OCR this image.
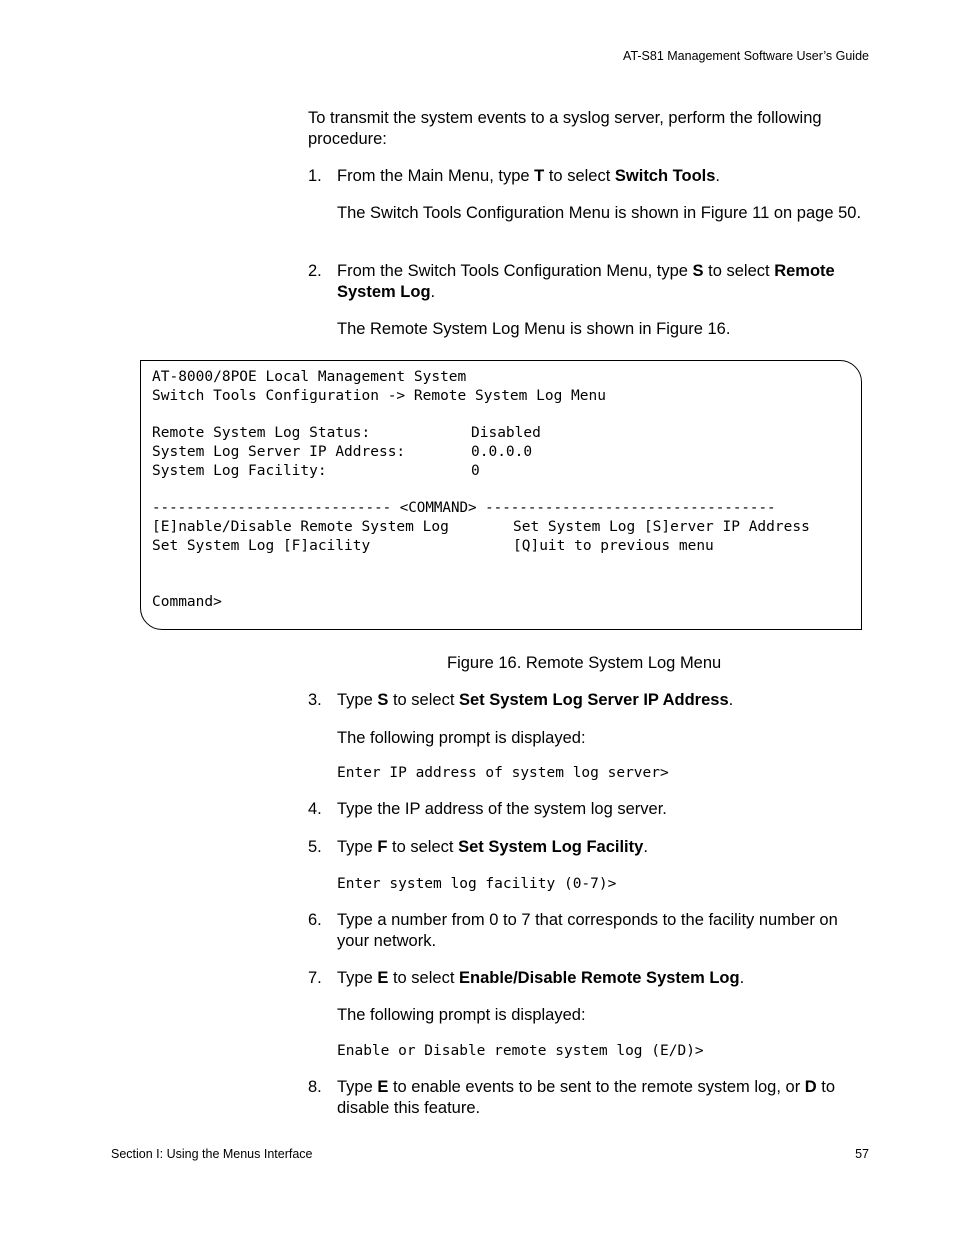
AT-S81 Management Software User’s Guide
To transmit the system events to a syslog server, perform the following procedure:
1. From the Main Menu, type T to select Switch Tools.
The Switch Tools Configuration Menu is shown in Figure 11 on page 50.
2. From the Switch Tools Configuration Menu, type S to select Remote System Log.
The Remote System Log Menu is shown in Figure 16.
AT-8000/8POE Local Management System
Switch Tools Configuration -> Remote System Log Menu
Remote System Log Status:	Disabled
System Log Server IP Address:	0.0.0.0
System Log Facility:	0
---------------------------- <COMMAND> ----------------------------------
[E]nable/Disable Remote System Log	Set System Log [S]erver IP Address
Set System Log [F]acility	[Q]uit to previous menu
Command>
Figure 16. Remote System Log Menu
3. Type S to select Set System Log Server IP Address.
The following prompt is displayed:
Enter IP address of system log server>
4. Type the IP address of the system log server.
5. Type F to select Set System Log Facility.
Enter system log facility (0-7)>
6. Type a number from 0 to 7 that corresponds to the facility number on your network.
7. Type E to select Enable/Disable Remote System Log.
The following prompt is displayed:
Enable or Disable remote system log (E/D)>
8. Type E to enable events to be sent to the remote system log, or D to disable this feature.
Section I: Using the Menus Interface	57
